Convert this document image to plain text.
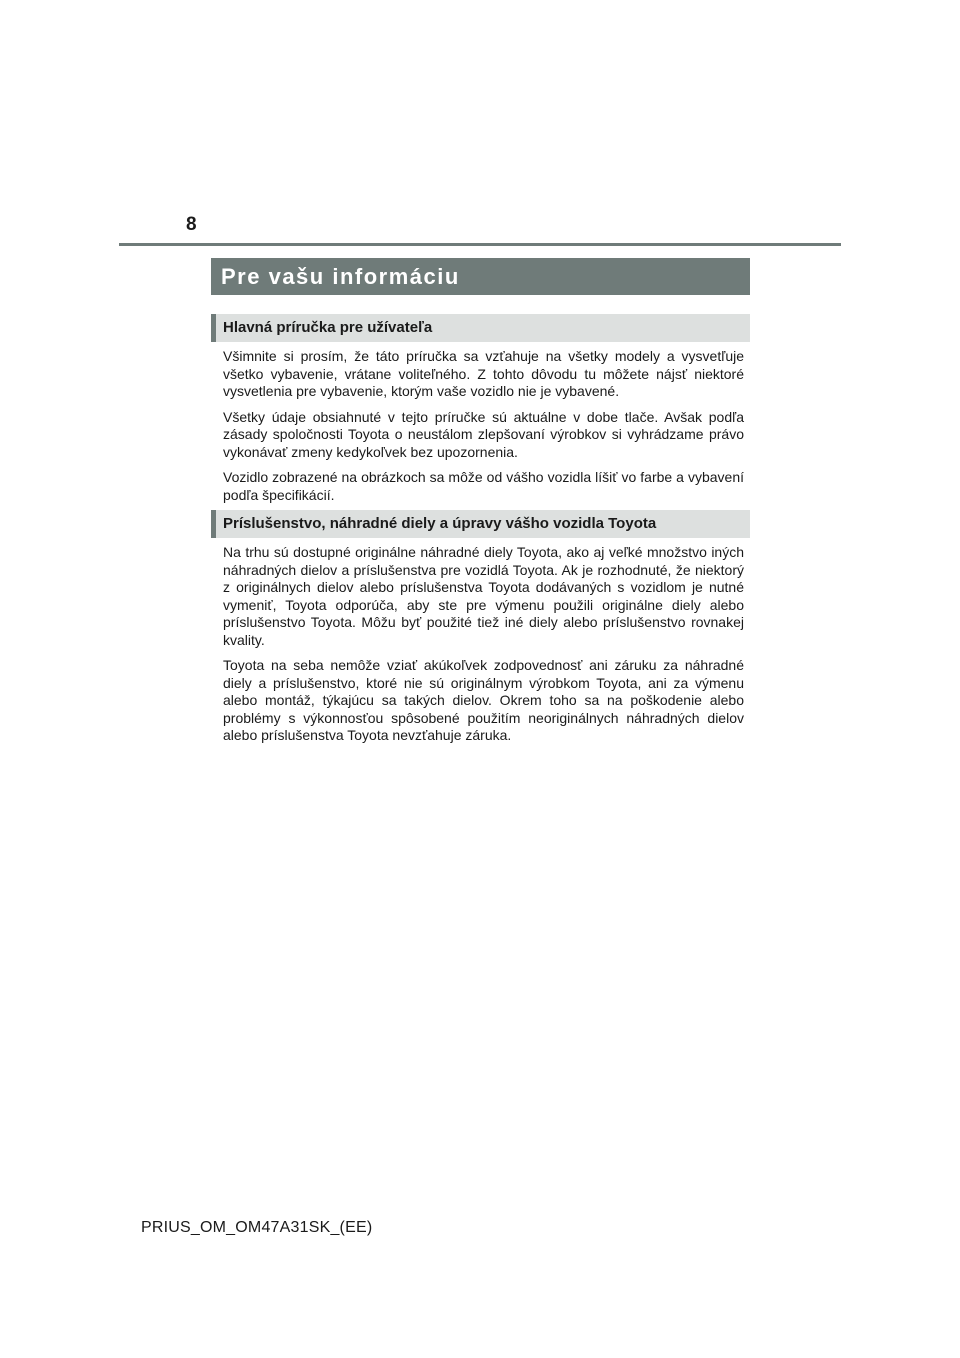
8
Pre vašu informáciu
Hlavná príručka pre užívateľa

Všimnite si prosím, že táto príručka sa vzťahuje na všetky modely a vysvetľuje všetko vybavenie, vrátane voliteľného. Z tohto dôvodu tu môžete nájsť niektoré vysvetlenia pre vybavenie, ktorým vaše vozidlo nie je vybavené.

Všetky údaje obsiahnuté v tejto príručke sú aktuálne v dobe tlače. Avšak podľa zásady spoločnosti Toyota o neustálom zlepšovaní výrobkov si vyhrádzame právo vykonávať zmeny kedykoľvek bez upozornenia.

Vozidlo zobrazené na obrázkoch sa môže od vášho vozidla líšiť vo farbe a vybavení podľa špecifikácií.

Príslušenstvo, náhradné diely a úpravy vášho vozidla Toyota

Na trhu sú dostupné originálne náhradné diely Toyota, ako aj veľké množstvo iných náhradných dielov a príslušenstva pre vozidlá Toyota. Ak je rozhodnuté, že niektorý z originálnych dielov alebo príslušenstva Toyota dodávaných s vozidlom je nutné vymeniť, Toyota odporúča, aby ste pre výmenu použili originálne diely alebo príslušenstvo Toyota. Môžu byť použité tiež iné diely alebo príslušenstvo rovnakej kvality.

Toyota na seba nemôže vziať akúkoľvek zodpovednosť ani záruku za náhradné diely a príslušenstvo, ktoré nie sú originálnym výrobkom Toyota, ani za výmenu alebo montáž, týkajúcu sa takých dielov. Okrem toho sa na poškodenie alebo problémy s výkonnosťou spôsobené použitím neoriginálnych náhradných dielov alebo príslušenstva Toyota nevzťahuje záruka.

PRIUS_OM_OM47A31SK_(EE)
